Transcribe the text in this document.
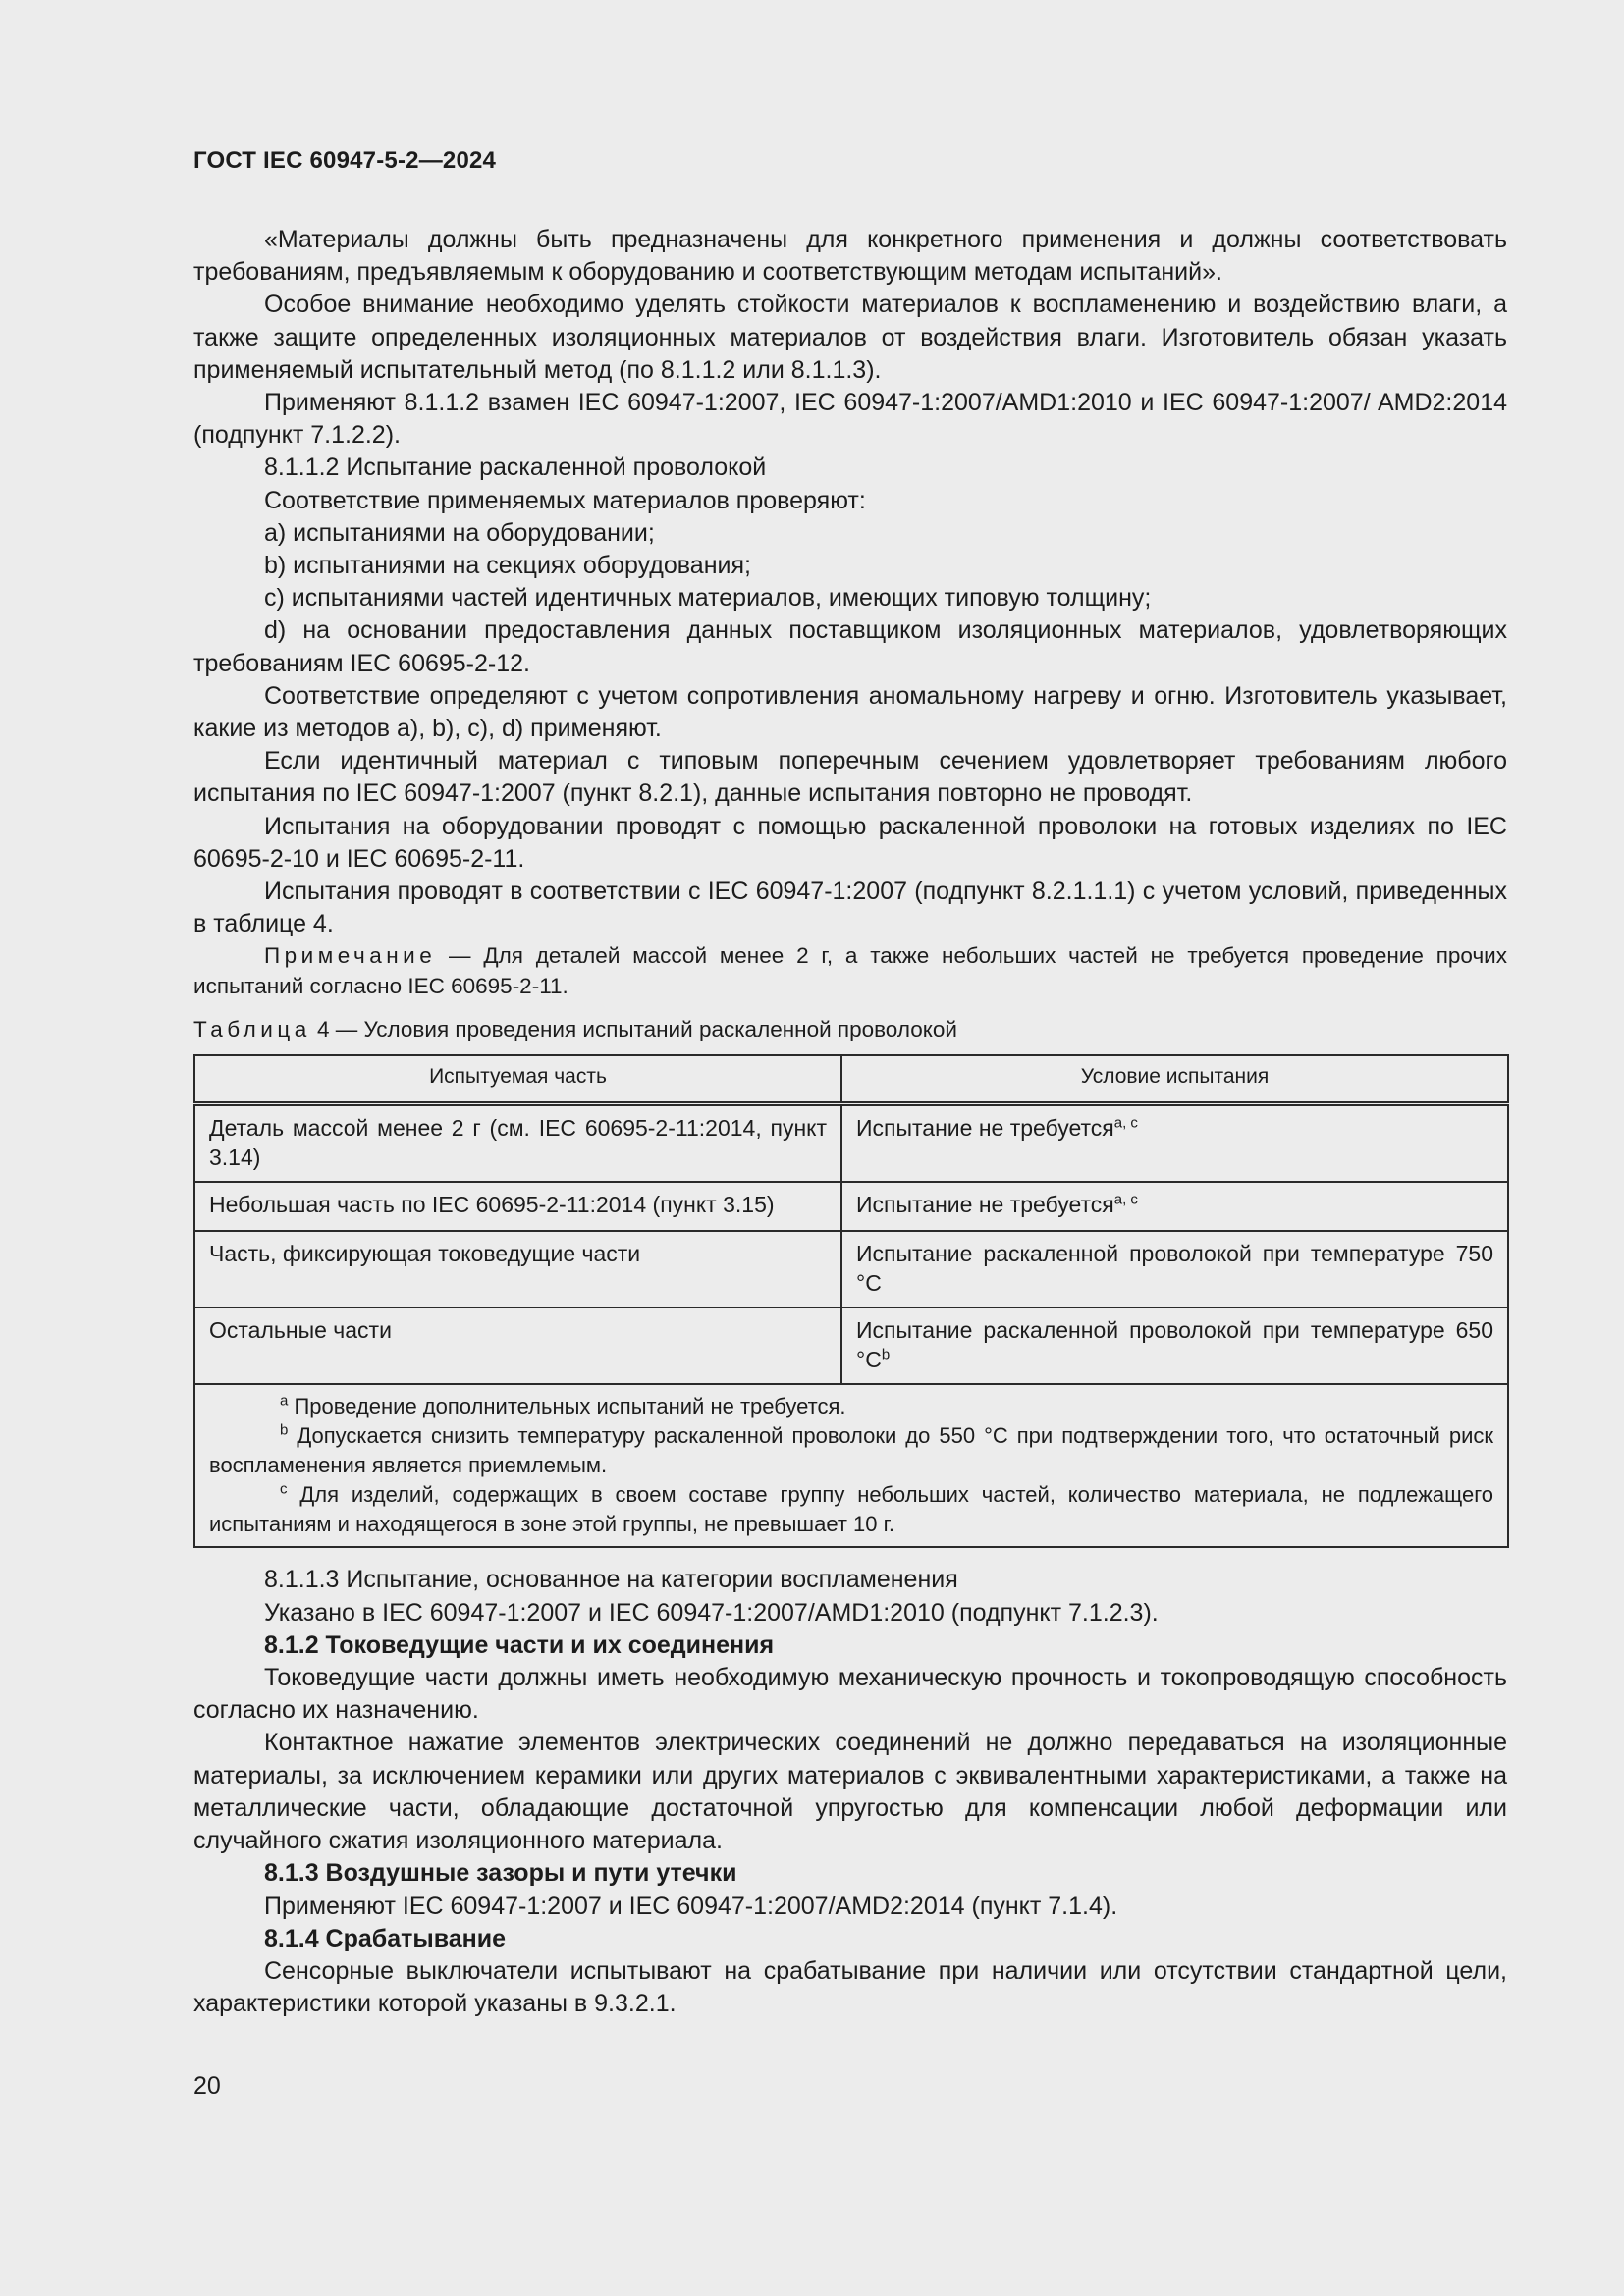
ГОСТ IEC 60947-5-2—2024

«Материалы должны быть предназначены для конкретного применения и должны соответствовать требованиям, предъявляемым к оборудованию и соответствующим методам испытаний».

Особое внимание необходимо уделять стойкости материалов к воспламенению и воздействию влаги, а также защите определенных изоляционных материалов от воздействия влаги. Изготовитель обязан указать применяемый испытательный метод (по 8.1.1.2 или 8.1.1.3).

Применяют 8.1.1.2 взамен IEC 60947-1:2007, IEC 60947-1:2007/AMD1:2010 и IEC 60947-1:2007/ AMD2:2014 (подпункт 7.1.2.2).

8.1.1.2 Испытание раскаленной проволокой

Соответствие применяемых материалов проверяют:

a) испытаниями на оборудовании;

b) испытаниями на секциях оборудования;

c) испытаниями частей идентичных материалов, имеющих типовую толщину;

d) на основании предоставления данных поставщиком изоляционных материалов, удовлетворяющих требованиям IEC 60695-2-12.

Соответствие определяют с учетом сопротивления аномальному нагреву и огню. Изготовитель указывает, какие из методов а), b), c), d) применяют.

Если идентичный материал с типовым поперечным сечением удовлетворяет требованиям любого испытания по IEC 60947-1:2007 (пункт 8.2.1), данные испытания повторно не проводят.

Испытания на оборудовании проводят с помощью раскаленной проволоки на готовых изделиях по IEC 60695-2-10 и IEC 60695-2-11.

Испытания проводят в соответствии с IEC 60947-1:2007 (подпункт 8.2.1.1.1) с учетом условий, приведенных в таблице 4.

Примечание — Для деталей массой менее 2 г, а также небольших частей не требуется проведение прочих испытаний согласно IEC 60695-2-11.

Таблица 4 — Условия проведения испытаний раскаленной проволокой
Испытуемая часть	Условие испытания
Деталь массой менее 2 г (см. IEC 60695-2-11:2014, пункт 3.14)	Испытание не требуется$^{a, c}$
Небольшая часть по IEC 60695-2-11:2014 (пункт 3.15)	Испытание не требуется$^{a, c}$
Часть, фиксирующая токоведущие части	Испытание раскаленной проволокой при температуре 750 °С
Остальные части	Испытание раскаленной проволокой при температуре 650 $^\circ С^b$

$^a$ Проведение дополнительных испытаний не требуется.

$^b$ Допускается снизить температуру раскаленной проволоки до 550 °С при подтверждении того, что остаточный риск воспламенения является приемлемым.

$^c$ Для изделий, содержащих в своем составе группу небольших частей, количество материала, не подлежащего испытаниям и находящегося в зоне этой группы, не превышает 10 г.	

8.1.1.3 Испытание, основанное на категории воспламенения

Указано в IEC 60947-1:2007 и IEC 60947-1:2007/AMD1:2010 (подпункт 7.1.2.3).

8.1.2 Токоведущие части и их соединения

Токоведущие части должны иметь необходимую механическую прочность и токопроводящую способность согласно их назначению.

Контактное нажатие элементов электрических соединений не должно передаваться на изоляционные материалы, за исключением керамики или других материалов с эквивалентными характеристиками, а также на металлические части, обладающие достаточной упругостью для компенсации любой деформации или случайного сжатия изоляционного материала.

8.1.3 Воздушные зазоры и пути утечки

Применяют IEC 60947-1:2007 и IEC 60947-1:2007/AMD2:2014 (пункт 7.1.4).

8.1.4 Срабатывание

Сенсорные выключатели испытывают на срабатывание при наличии или отсутствии стандартной цели, характеристики которой указаны в 9.3.2.1.

20
